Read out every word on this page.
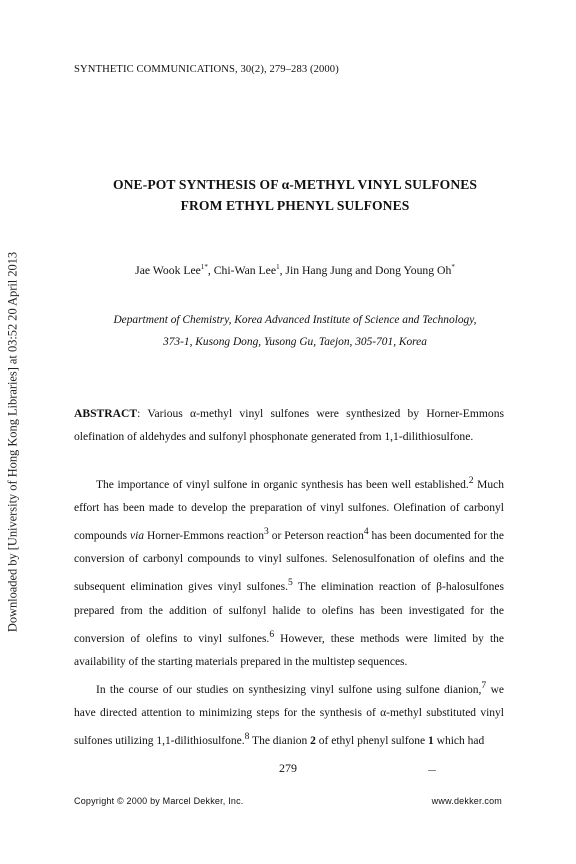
Downloaded by [University of Hong Kong Libraries] at 03:52 20 April 2013
SYNTHETIC COMMUNICATIONS, 30(2), 279–283 (2000)
ONE-POT SYNTHESIS OF α-METHYL VINYL SULFONES
FROM ETHYL PHENYL SULFONES
Jae Wook Lee$^{1*}$, Chi-Wan Lee$^1$, Jin Hang Jung and Dong Young Oh*
Department of Chemistry, Korea Advanced Institute of Science and Technology,
373-1, Kusong Dong, Yusong Gu, Taejon, 305-701, Korea
ABSTRACT: Various α-methyl vinyl sulfones were synthesized by Horner-Emmons olefination of aldehydes and sulfonyl phosphonate generated from 1,1-dilithiosulfone.

The importance of vinyl sulfone in organic synthesis has been well established.$^2$ Much effort has been made to develop the preparation of vinyl sulfones. Olefination of carbonyl compounds via Horner-Emmons reaction$^3$ or Peterson reaction$^4$ has been documented for the conversion of carbonyl compounds to vinyl sulfones. Selenosulfonation of olefins and the subsequent elimination gives vinyl sulfones.$^5$ The elimination reaction of β-halosulfones prepared from the addition of sulfonyl halide to olefins has been investigated for the conversion of olefins to vinyl sulfones.$^6$ However, these methods were limited by the availability of the starting materials prepared in the multistep sequences.

In the course of our studies on synthesizing vinyl sulfone using sulfone dianion,$^7$ we have directed attention to minimizing steps for the synthesis of α-methyl substituted vinyl sulfones utilizing 1,1-dilithiosulfone.$^8$ The dianion 2 of ethyl phenyl sulfone 1 which had

279
Copyright © 2000 by Marcel Dekker, Inc.	www.dekker.com
